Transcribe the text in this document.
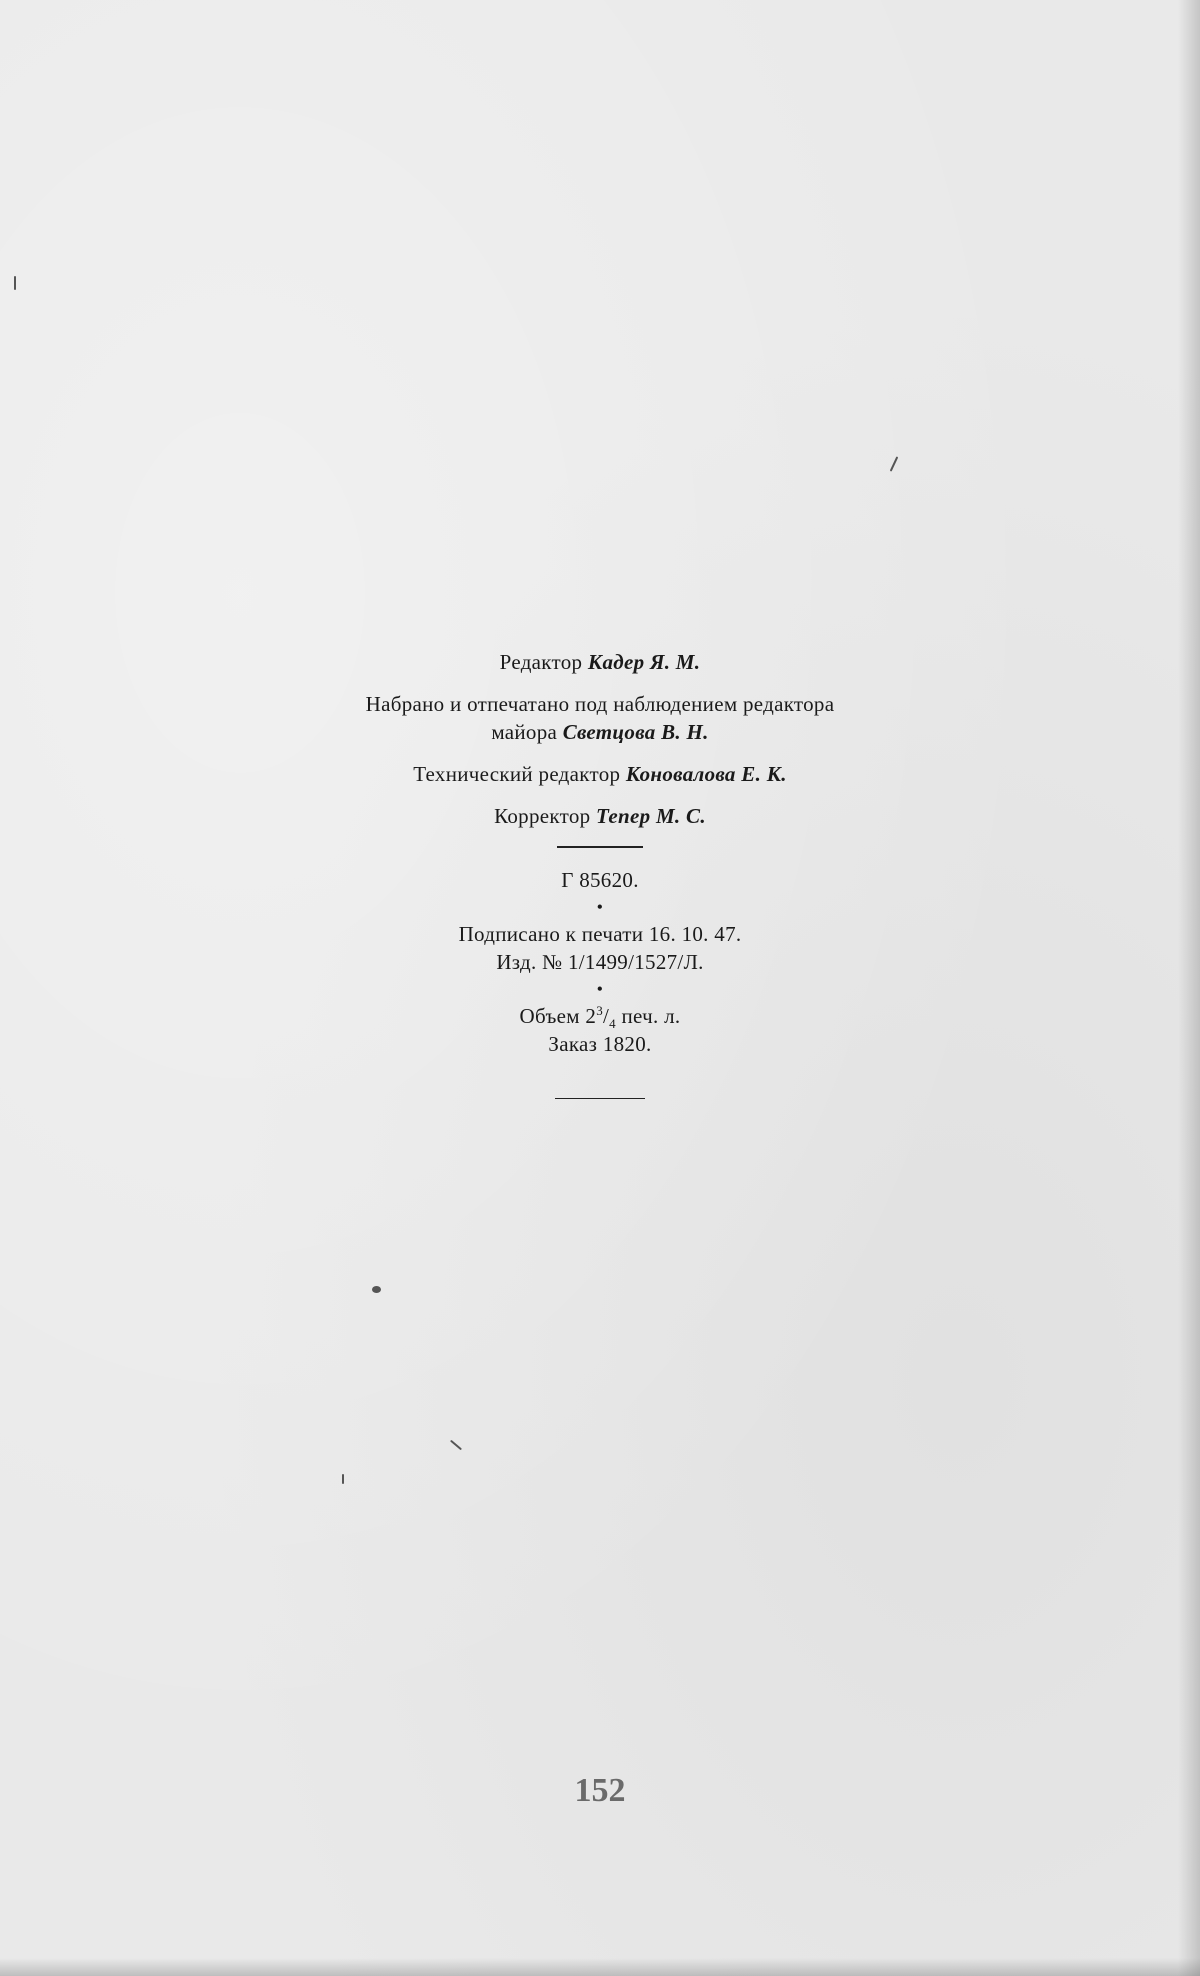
Редактор Кадер Я. М.
Набрано и отпечатано под наблюдением редактора
майора Светцова В. Н.
Технический редактор Коновалова Е. К.
Корректор Тепер М. С.
Г 85620.
•
Подписано к печати 16. 10. 47.
Изд. № 1/1499/1527/Л.
•
Объем $2^3/_4$ печ. л.
Заказ 1820.
152
